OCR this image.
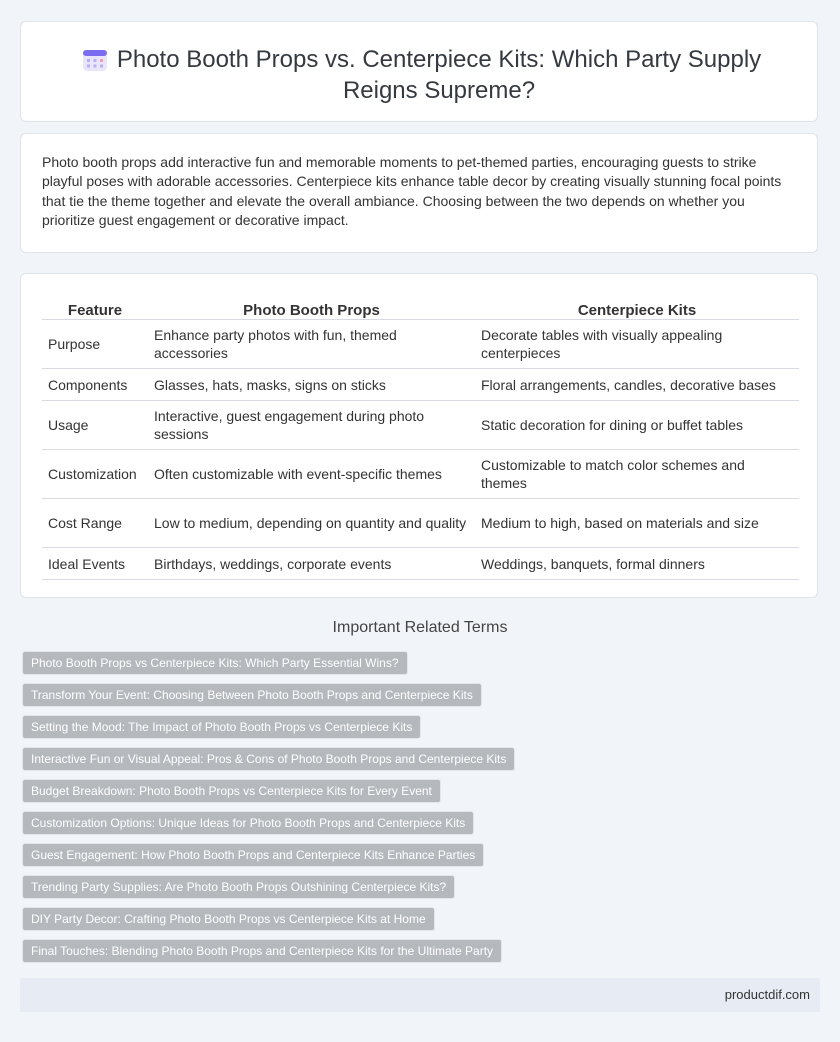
Photo Booth Props vs. Centerpiece Kits: Which Party Supply Reigns Supreme?

Photo booth props add interactive fun and memorable moments to pet-themed parties, encouraging guests to strike playful poses with adorable accessories. Centerpiece kits enhance table decor by creating visually stunning focal points that tie the theme together and elevate the overall ambiance. Choosing between the two depends on whether you prioritize guest engagement or decorative impact.

Feature	Photo Booth Props	Centerpiece Kits
Purpose	Enhance party photos with fun, themed accessories	Decorate tables with visually appealing centerpieces
Components	Glasses, hats, masks, signs on sticks	Floral arrangements, candles, decorative bases
Usage	Interactive, guest engagement during photo sessions	Static decoration for dining or buffet tables
Customization	Often customizable with event-specific themes	Customizable to match color schemes and themes
Cost Range	Low to medium, depending on quantity and quality	Medium to high, based on materials and size
Ideal Events	Birthdays, weddings, corporate events	Weddings, banquets, formal dinners
Important Related Terms
Photo Booth Props vs Centerpiece Kits: Which Party Essential Wins?
Transform Your Event: Choosing Between Photo Booth Props and Centerpiece Kits
Setting the Mood: The Impact of Photo Booth Props vs Centerpiece Kits
Interactive Fun or Visual Appeal: Pros & Cons of Photo Booth Props and Centerpiece Kits
Budget Breakdown: Photo Booth Props vs Centerpiece Kits for Every Event
Customization Options: Unique Ideas for Photo Booth Props and Centerpiece Kits
Guest Engagement: How Photo Booth Props and Centerpiece Kits Enhance Parties
Trending Party Supplies: Are Photo Booth Props Outshining Centerpiece Kits?
DIY Party Decor: Crafting Photo Booth Props vs Centerpiece Kits at Home
Final Touches: Blending Photo Booth Props and Centerpiece Kits for the Ultimate Party
productdif.com
